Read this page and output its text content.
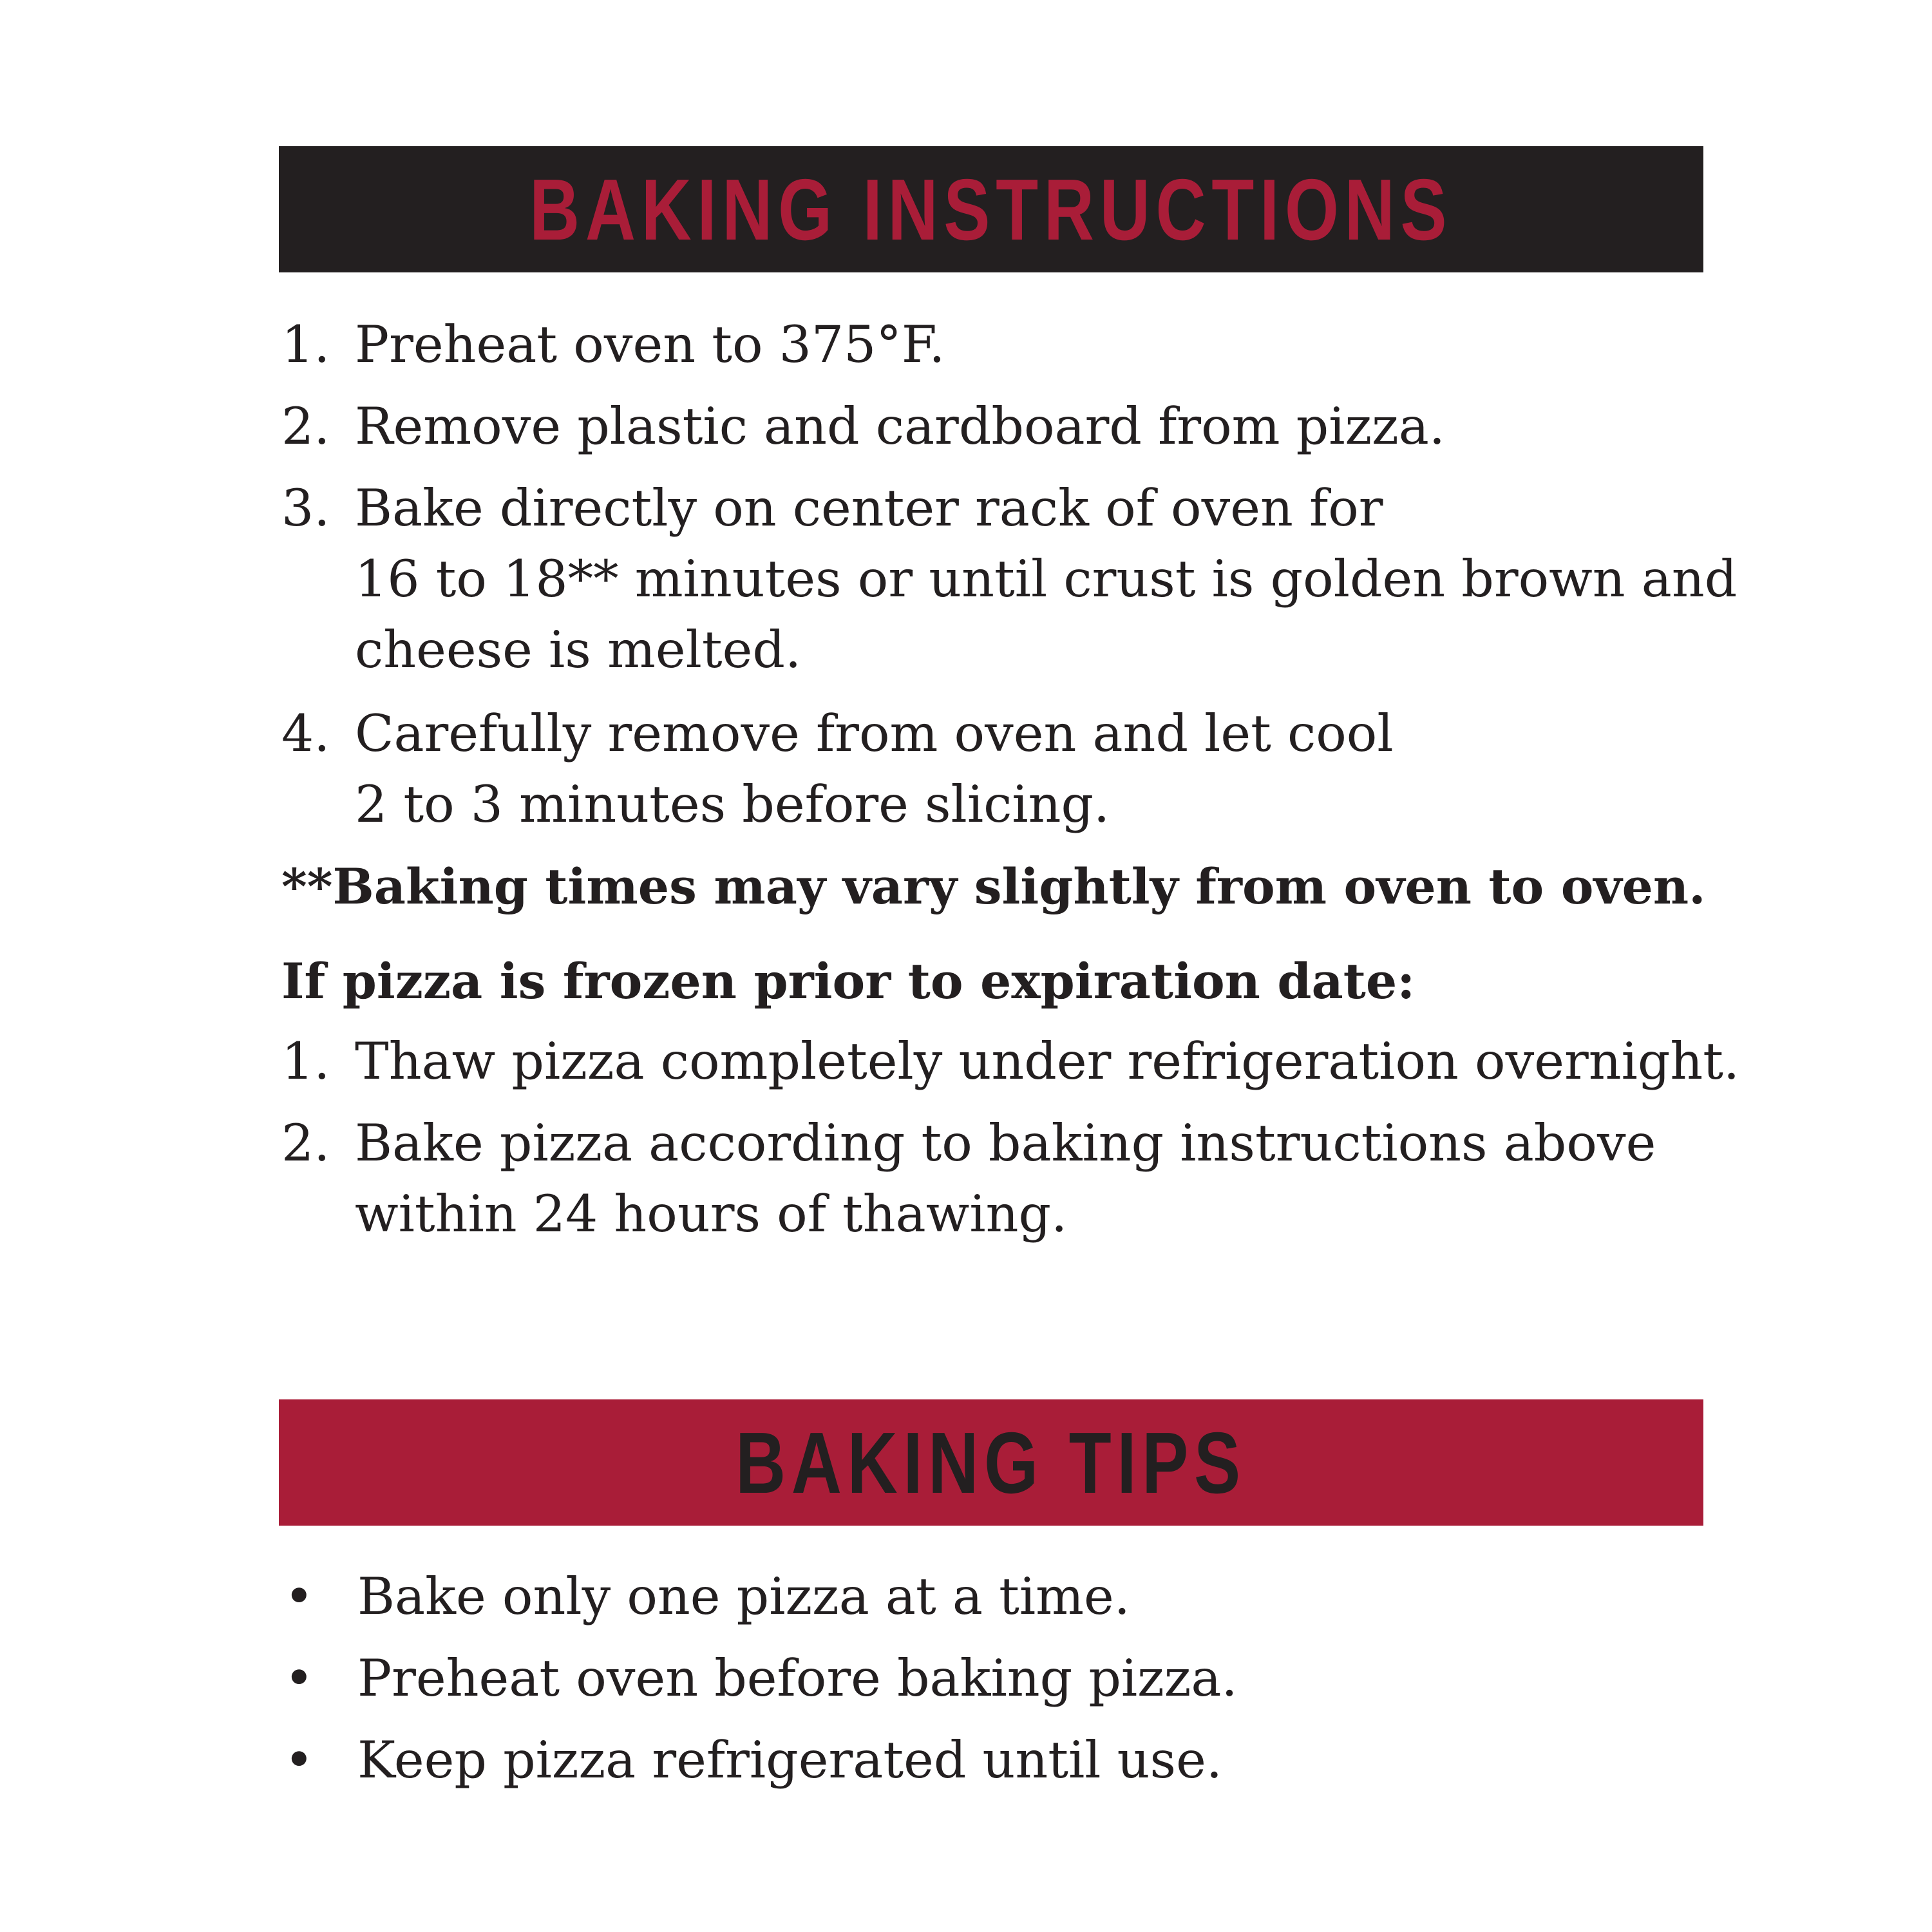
BAKING INSTRUCTIONS
1. Preheat oven to 375°F.
2. Remove plastic and cardboard from pizza.
3. Bake directly on center rack of oven for
16 to 18** minutes or until crust is golden brown and
cheese is melted.
4. Carefully remove from oven and let cool
2 to 3 minutes before slicing.
**Baking times may vary slightly from oven to oven.
If pizza is frozen prior to expiration date:
1. Thaw pizza completely under refrigeration overnight.
2. Bake pizza according to baking instructions above
within 24 hours of thawing.
BAKING TIPS
• Bake only one pizza at a time.
• Preheat oven before baking pizza.
• Keep pizza refrigerated until use.
